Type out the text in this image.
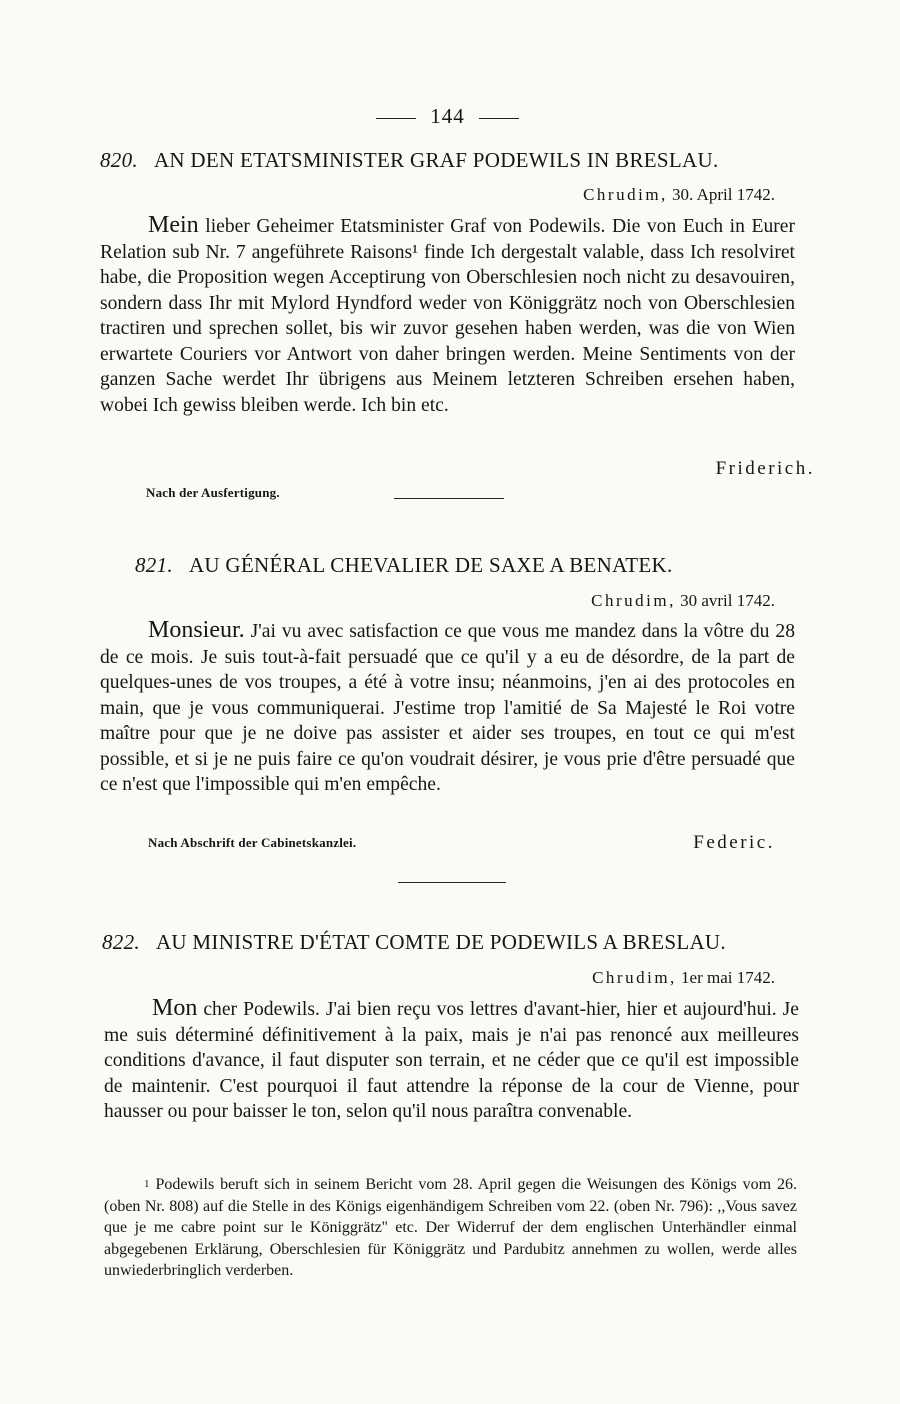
144
820. AN DEN ETATSMINISTER GRAF PODEWILS IN BRESLAU.
Chrudim, 30. April 1742.

Mein lieber Geheimer Etatsminister Graf von Podewils. Die von Euch in Eurer Relation sub Nr. 7 angeführete Raisons¹ finde Ich dergestalt valable, dass Ich resolviret habe, die Proposition wegen Acceptirung von Oberschlesien noch nicht zu desavouiren, sondern dass Ihr mit Mylord Hyndford weder von Königgrätz noch von Oberschlesien tractiren und sprechen sollet, bis wir zuvor gesehen haben werden, was die von Wien erwartete Couriers vor Antwort von daher bringen werden. Meine Sentiments von der ganzen Sache werdet Ihr übrigens aus Meinem letzteren Schreiben ersehen haben, wobei Ich gewiss bleiben werde. Ich bin etc.

Friderich.
Nach der Ausfertigung.
821. AU GÉNÉRAL CHEVALIER DE SAXE A BENATEK.
Chrudim, 30 avril 1742.

Monsieur. J'ai vu avec satisfaction ce que vous me mandez dans la vôtre du 28 de ce mois. Je suis tout-à-fait persuadé que ce qu'il y a eu de désordre, de la part de quelques-unes de vos troupes, a été à votre insu; néanmoins, j'en ai des protocoles en main, que je vous communiquerai. J'estime trop l'amitié de Sa Majesté le Roi votre maître pour que je ne doive pas assister et aider ses troupes, en tout ce qui m'est possible, et si je ne puis faire ce qu'on voudrait désirer, je vous prie d'être persuadé que ce n'est que l'impossible qui m'en empêche.

Nach Abschrift der Cabinetskanzlei.	Federic.
822. AU MINISTRE D'ÉTAT COMTE DE PODEWILS A BRESLAU.
Chrudim, 1er mai 1742.

Mon cher Podewils. J'ai bien reçu vos lettres d'avant-hier, hier et aujourd'hui. Je me suis déterminé définitivement à la paix, mais je n'ai pas renoncé aux meilleures conditions d'avance, il faut disputer son terrain, et ne céder que ce qu'il est impossible de maintenir. C'est pourquoi il faut attendre la réponse de la cour de Vienne, pour hausser ou pour baisser le ton, selon qu'il nous paraîtra convenable.

$^1$ Podewils beruft sich in seinem Bericht vom 28. April gegen die Weisungen des Königs vom 26. (oben Nr. 808) auf die Stelle in des Königs eigenhändigem Schreiben vom 22. (oben Nr. 796): ,,Vous savez que je me cabre point sur le Königgrätz'' etc. Der Widerruf der dem englischen Unterhändler einmal abgegebenen Erklärung, Oberschlesien für Königgrätz und Pardubitz annehmen zu wollen, werde alles unwiederbringlich verderben.
